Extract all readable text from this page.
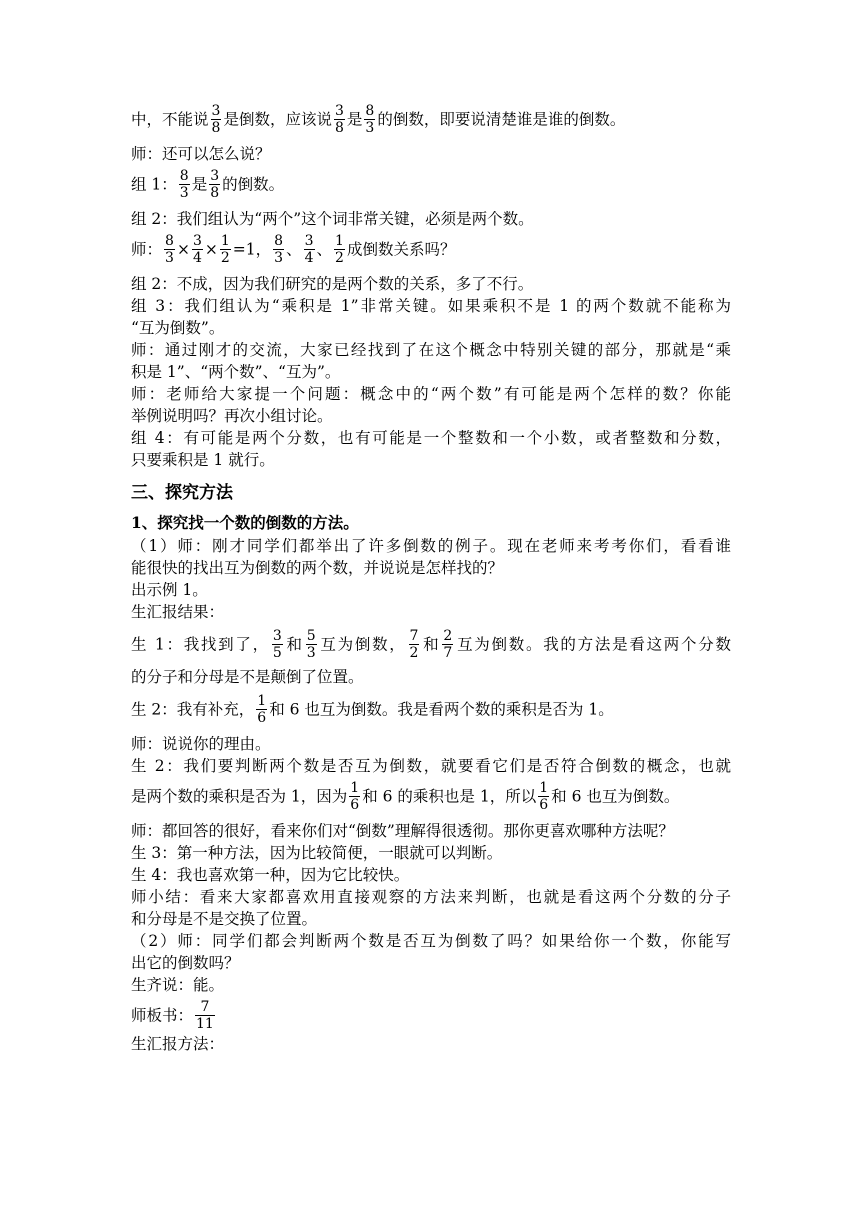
中，不能说 $\frac{3}{8}$ 是倒数，应该说 $\frac{3}{8}$ 是 $\frac{8}{3}$ 的倒数，即要说清楚谁是谁的倒数。
师：还可以怎么说？
组 1： $\frac{8}{3}$ 是 $\frac{3}{8}$ 的倒数。
组 2：我们组认为“两个”这个词非常关键，必须是两个数。
师： $\frac{8}{3} \times \frac{3}{4} \times \frac{1}{2} =1$， $\frac{8}{3}$ 、 $\frac{3}{4}$ 、 $\frac{1}{2}$ 成倒数关系吗？
组 2：不成，因为我们研究的是两个数的关系，多了不行。
组 3：我们组认为“乘积是 1”非常关键。如果乘积不是 1 的两个数就不能称为
“互为倒数”。
师：通过刚才的交流，大家已经找到了在这个概念中特别关键的部分，那就是“乘
积是 1”、“两个数”、“互为”。
师：老师给大家提一个问题：概念中的“两个数”有可能是两个怎样的数？你能
举例说明吗？再次小组讨论。
组 4：有可能是两个分数，也有可能是一个整数和一个小数，或者整数和分数，
只要乘积是 1 就行。
三、探究方法
1、探究找一个数的倒数的方法。
（1）师：刚才同学们都举出了许多倒数的例子。现在老师来考考你们，看看谁
能很快的找出互为倒数的两个数，并说说是怎样找的？
出示例 1。
生汇报结果：
生 1：我找到了， $\frac{3}{5}$ 和 $\frac{5}{3}$ 互为倒数， $\frac{7}{2}$ 和 $\frac{2}{7}$ 互为倒数。我的方法是看这两个分数
的分子和分母是不是颠倒了位置。
生 2：我有补充， $\frac{1}{6}$ 和 6 也互为倒数。我是看两个数的乘积是否为 1。
师：说说你的理由。
生 2：我们要判断两个数是否互为倒数，就要看它们是否符合倒数的概念，也就
是两个数的乘积是否为 1，因为 $\frac{1}{6}$ 和 6 的乘积也是 1，所以 $\frac{1}{6}$ 和 6 也互为倒数。
师：都回答的很好，看来你们对“倒数”理解得很透彻。那你更喜欢哪种方法呢？
生 3：第一种方法，因为比较简便，一眼就可以判断。
生 4：我也喜欢第一种，因为它比较快。
师小结：看来大家都喜欢用直接观察的方法来判断，也就是看这两个分数的分子
和分母是不是交换了位置。
（2）师：同学们都会判断两个数是否互为倒数了吗？如果给你一个数，你能写
出它的倒数吗？
生齐说：能。
师板书： $\frac{7}{11}$
生汇报方法：
